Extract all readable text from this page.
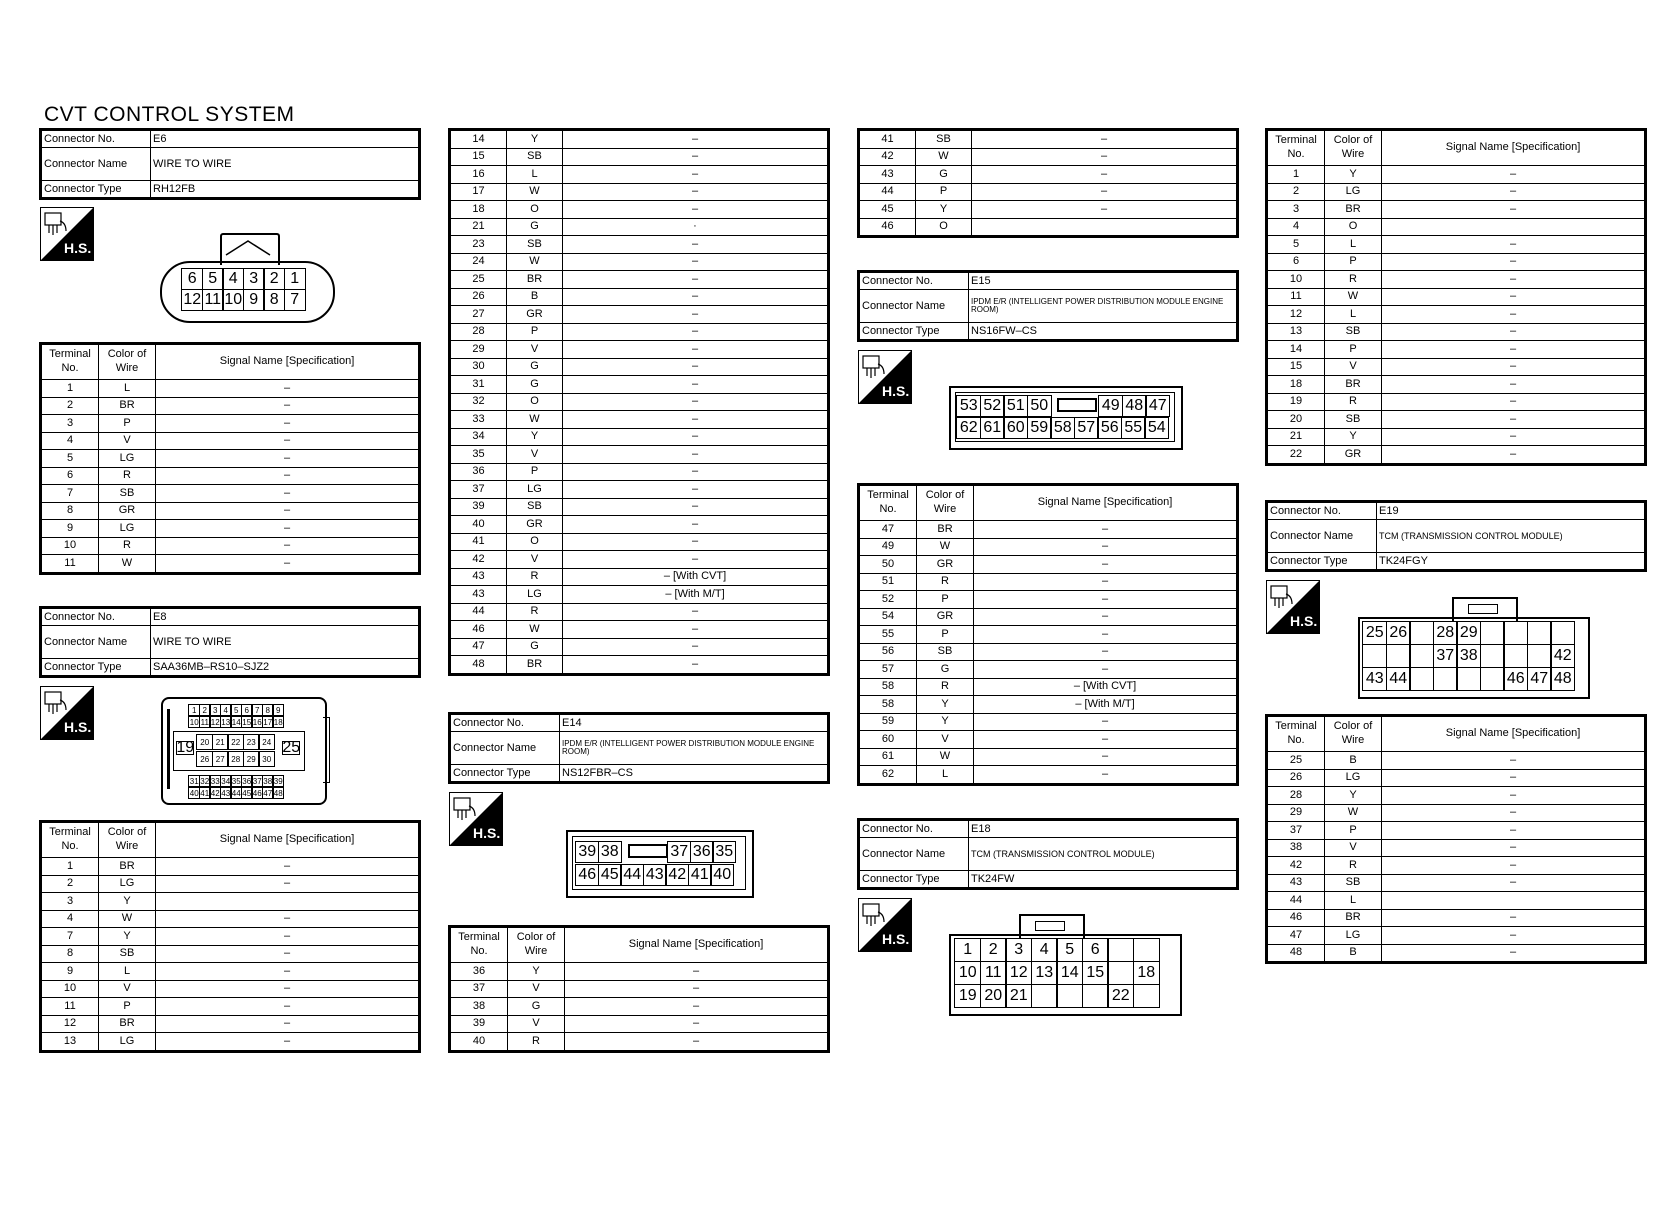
CVT CONTROL SYSTEM
Connector No.	E6
Connector Name	WIRE TO WIRE
Connector Type	RH12FB
H.S.
6 5 4 3 2 1
12 11 10 9 8 7
Terminal No.	Color of Wire	Signal Name [Specification]
1	L	–
2	BR	–
3	P	–
4	V	–
5	LG	–
6	R	–
7	SB	–
8	GR	–
9	LG	–
10	R	–
11	W	–
Connector No.	E8
Connector Name	WIRE TO WIRE
Connector Type	SAA36MB–RS10–SJZ2
H.S.
1 2 3 4 5 6 7 8 9
10 11 12 13 14 15 16 17 18
19 20 21 22 23 24
26 27 28 29 30
25
31 32 33 34 35 36 37 38 39
40 41 42 43 44 45 46 47 48
Terminal No.	Color of Wire	Signal Name [Specification]
1	BR	–
2	LG	–
3	Y	
4	W	–
7	Y	–
8	SB	–
9	L	–
10	V	–
11	P	–
12	BR	–
13	LG	–
14	Y	–
15	SB	–
16	L	–
17	W	–
18	O	–
21	G	·
23	SB	–
24	W	–
25	BR	–
26	B	–
27	GR	–
28	P	–
29	V	–
30	G	–
31	G	–
32	O	–
33	W	–
34	Y	–
35	V	–
36	P	–
37	LG	–
39	SB	–
40	GR	–
41	O	–
42	V	–
43	R	– [With CVT]
43	LG	– [With M/T]
44	R	–
46	W	–
47	G	–
48	BR	–
Connector No.	E14
Connector Name	IPDM E/R (INTELLIGENT POWER DISTRIBUTION MODULE ENGINE ROOM)
Connector Type	NS12FBR–CS
H.S.
39 38	37 36 35
46 45 44 43 42 41 40
Terminal No.	Color of Wire	Signal Name [Specification]
36	Y	–
37	V	–
38	G	–
39	V	–
40	R	–
41	SB	–
42	W	–
43	G	–
44	P	–
45	Y	–
46	O	
Connector No.	E15
Connector Name	IPDM E/R (INTELLIGENT POWER DISTRIBUTION MODULE ENGINE ROOM)
Connector Type	NS16FW–CS
H.S.
53 52 51 50	49 48 47
62 61 60 59 58 57 56 55 54
Terminal No.	Color of Wire	Signal Name [Specification]
47	BR	–
49	W	–
50	GR	–
51	R	–
52	P	–
54	GR	–
55	P	–
56	SB	–
57	G	–
58	R	– [With CVT]
58	Y	– [With M/T]
59	Y	–
60	V	–
61	W	–
62	L	–
Connector No.	E18
Connector Name	TCM (TRANSMISSION CONTROL MODULE)
Connector Type	TK24FW
H.S.
1	2	3	4	5	6
10 11 12 13 14 15 18
19 20 21	22
Terminal No.	Color of Wire	Signal Name [Specification]
1	Y	–
2	LG	–
3	BR	–
4	O	
5	L	–
6	P	–
10	R	–
11	W	–
12	L	–
13	SB	–
14	P	–
15	V	–
18	BR	–
19	R	–
20	SB	–
21	Y	–
22	GR	–
Connector No.	E19
Connector Name	TCM (TRANSMISSION CONTROL MODULE)
Connector Type	TK24FGY
H.S.
25 26 28 29
37 38	42
43 44	46 47 48
Terminal No.	Color of Wire	Signal Name [Specification]
25	B	–
26	LG	–
28	Y	–
29	W	–
37	P	–
38	V	–
42	R	–
43	SB	–
44	L	
46	BR	–
47	LG	–
48	B	–
